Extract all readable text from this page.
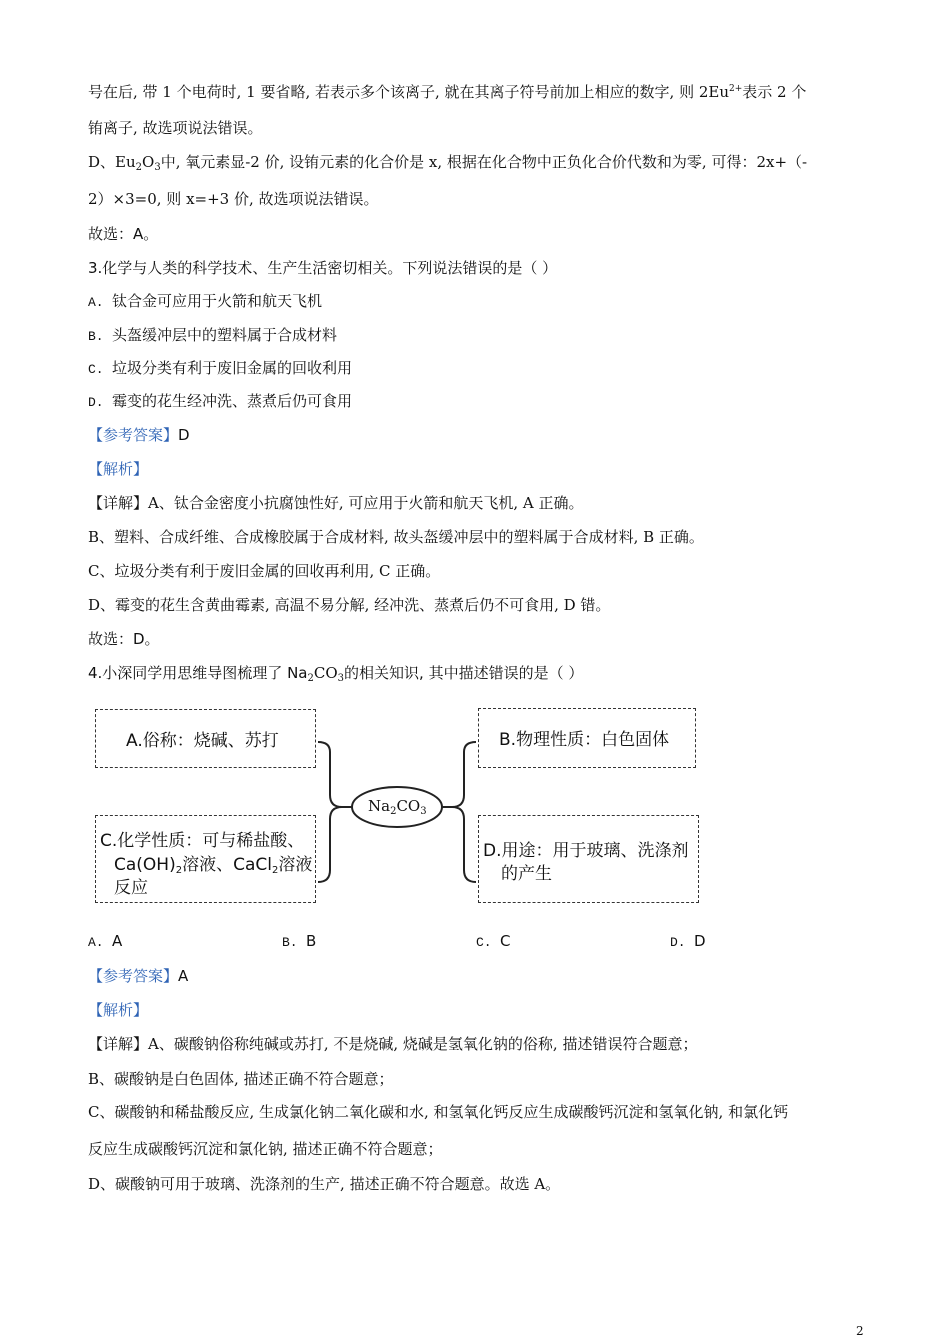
号在后, 带 1 个电荷时, 1 要省略, 若表示多个该离子, 就在其离子符号前加上相应的数字, 则 $2Eu^{2+}$表示 2 个
铕离子, 故选项说法错误。
D、$Eu_2O_3$中, 氧元素显-2 价, 设铕元素的化合价是 x, 根据在化合物中正负化合价代数和为零, 可得：2x+（-
2）×3=0, 则 x=+3 价, 故选项说法错误。
故选：A。
3.化学与人类的科学技术、生产生活密切相关。下列说法错误的是（ ）
A. 钛合金可应用于火箭和航天飞机
B. 头盔缓冲层中的塑料属于合成材料
C. 垃圾分类有利于废旧金属的回收利用
D. 霉变的花生经冲洗、蒸煮后仍可食用
【参考答案】D
【解析】
【详解】A、钛合金密度小抗腐蚀性好, 可应用于火箭和航天飞机, A 正确。
B、塑料、合成纤维、合成橡胶属于合成材料, 故头盔缓冲层中的塑料属于合成材料, B 正确。
C、垃圾分类有利于废旧金属的回收再利用, C 正确。
D、霉变的花生含黄曲霉素, 高温不易分解, 经冲洗、蒸煮后仍不可食用, D 错。
故选：D。
4.小深同学用思维导图梳理了 $Na_2CO_3$的相关知识, 其中描述错误的是（ ）
$Na_2CO_3$
A.俗称：烧碱、苏打	B.物理性质：白色固体
C.化学性质：可与稀盐酸、
$Ca(OH)_2$溶液、CaCl$_2$溶液
反应
D.用途：用于玻璃、洗涤剂
的产生
A. A	B. B	C. C	D. D
【参考答案】A
【解析】
【详解】A、碳酸钠俗称纯碱或苏打, 不是烧碱, 烧碱是氢氧化钠的俗称, 描述错误符合题意；
B、碳酸钠是白色固体, 描述正确不符合题意；
C、碳酸钠和稀盐酸反应, 生成氯化钠二氧化碳和水, 和氢氧化钙反应生成碳酸钙沉淀和氢氧化钠, 和氯化钙
反应生成碳酸钙沉淀和氯化钠, 描述正确不符合题意；
D、碳酸钠可用于玻璃、洗涤剂的生产, 描述正确不符合题意。故选 A。
2
